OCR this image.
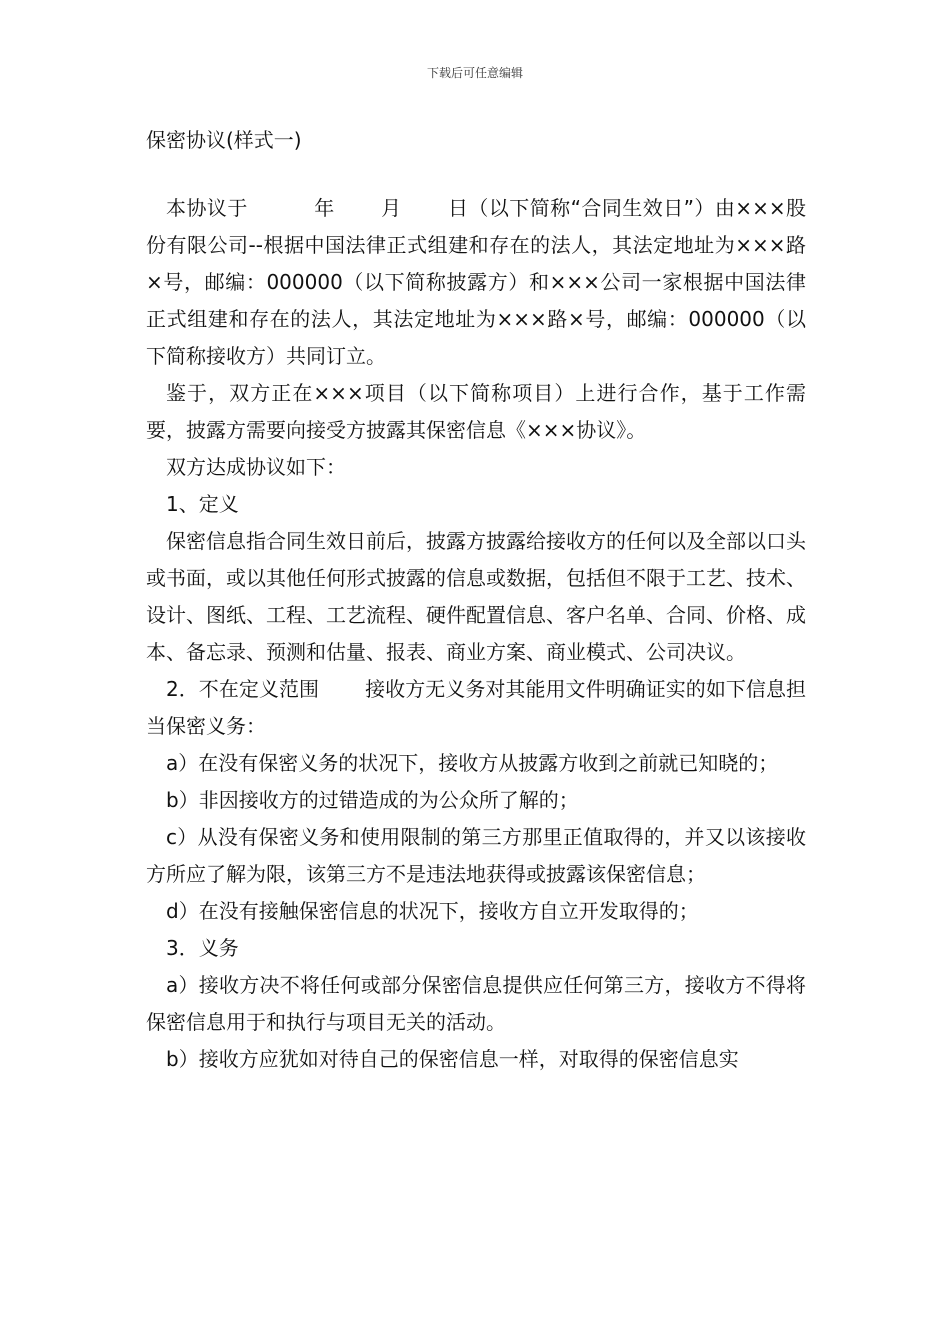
下载后可任意编辑
保密协议(样式一)

本协议于	年 月 日（以下简称“合同生效日”）由×××股份有限公司--根据中国法律正式组建和存在的法人，其法定地址为×××路×号，邮编：000000（以下简称披露方）和×××公司一家根据中国法律正式组建和存在的法人，其法定地址为×××路×号，邮编：000000（以下简称接收方）共同订立。

鉴于，双方正在×××项目（以下简称项目）上进行合作，基于工作需要，披露方需要向接受方披露其保密信息《×××协议》。

双方达成协议如下：

1、定义

保密信息指合同生效日前后，披露方披露给接收方的任何以及全部以口头或书面，或以其他任何形式披露的信息或数据，包括但不限于工艺、技术、设计、图纸、工程、工艺流程、硬件配置信息、客户名单、合同、价格、成本、备忘录、预测和估量、报表、商业方案、商业模式、公司决议。

2．不在定义范围 接收方无义务对其能用文件明确证实的如下信息担当保密义务：

a）在没有保密义务的状况下，接收方从披露方收到之前就已知晓的；

b）非因接收方的过错造成的为公众所了解的；

c）从没有保密义务和使用限制的第三方那里正值取得的，并又以该接收方所应了解为限，该第三方不是违法地获得或披露该保密信息；

d）在没有接触保密信息的状况下，接收方自立开发取得的；

3．义务

a）接收方决不将任何或部分保密信息提供应任何第三方，接收方不得将保密信息用于和执行与项目无关的活动。

b）接收方应犹如对待自己的保密信息一样，对取得的保密信息实
